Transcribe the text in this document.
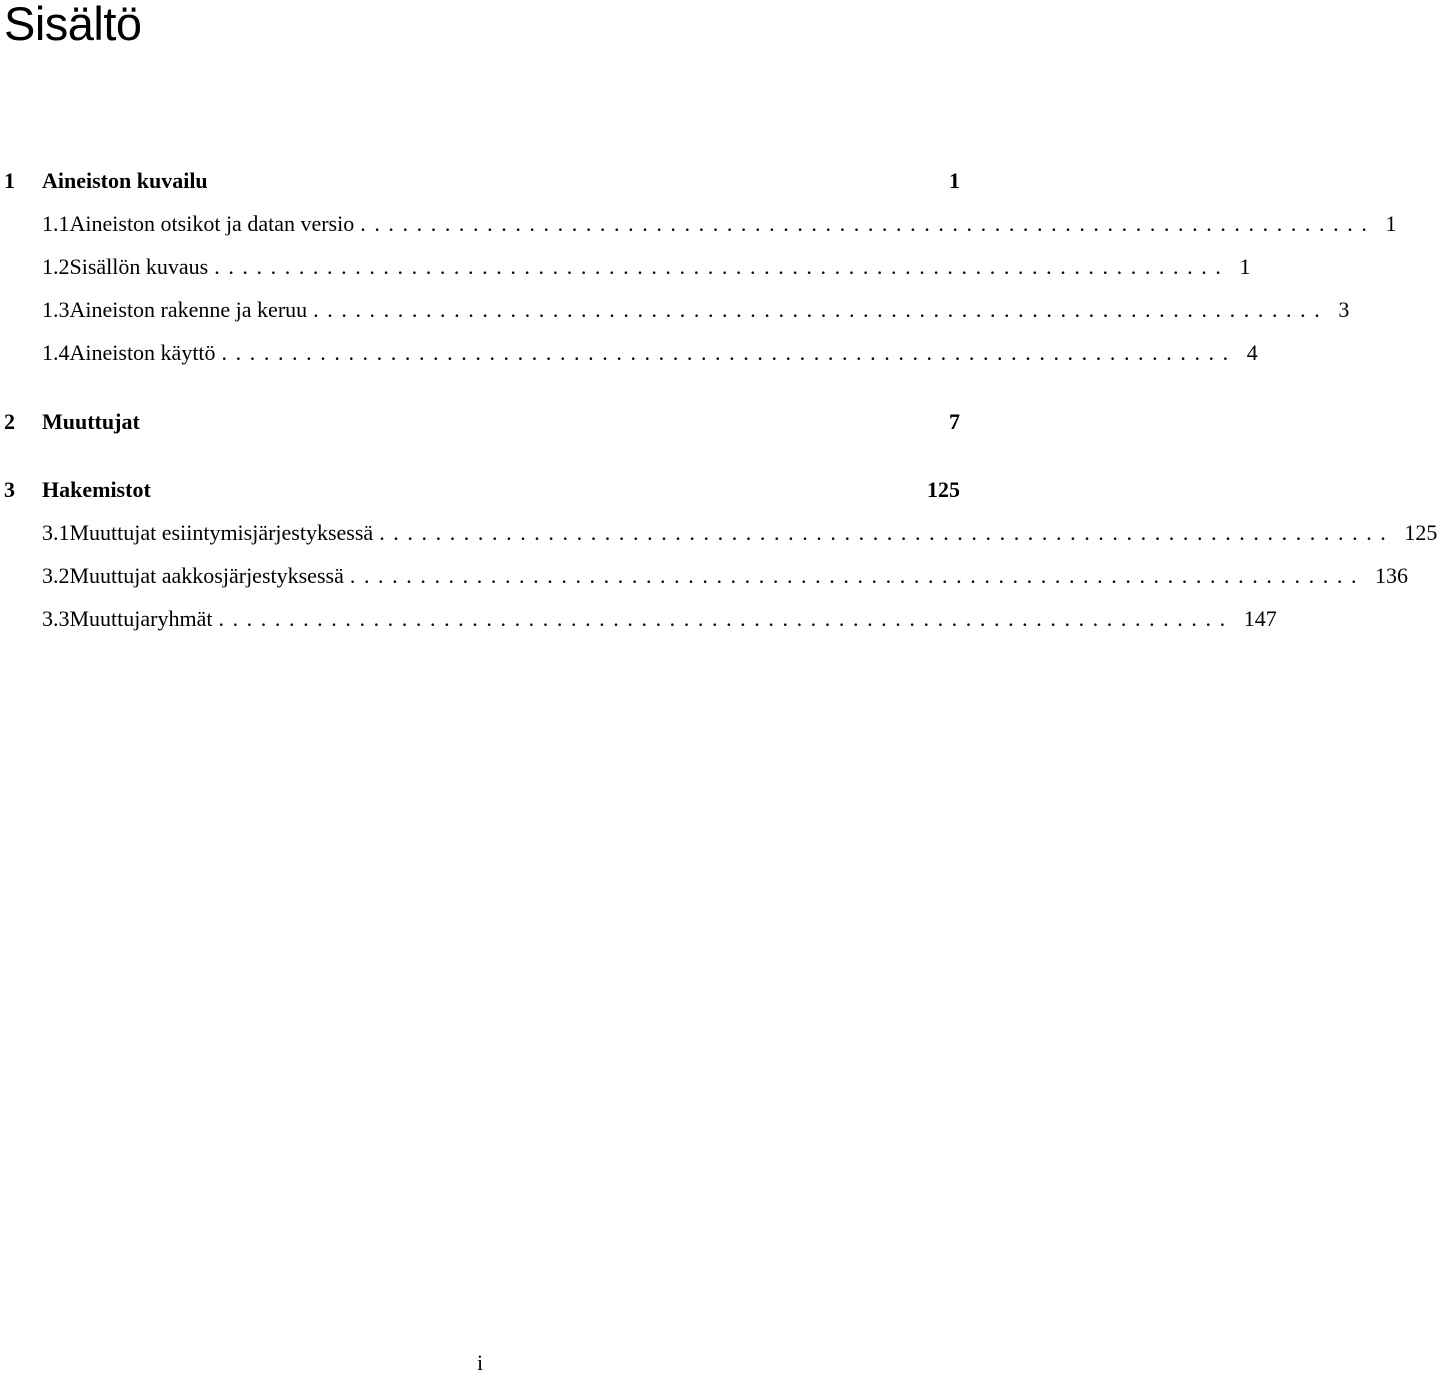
Sisältö
1	Aineiston kuvailu	1
1.1 Aineiston otsikot ja datan versio ........................................................................ 1
1.2 Sisällön kuvaus ........................................................................ 1
1.3 Aineiston rakenne ja keruu ........................................................................ 3
1.4 Aineiston käyttö ........................................................................ 4
2	Muuttujat	7
3	Hakemistot	125
3.1 Muuttujat esiintymisjärjestyksessä ........................................................................ 125
3.2 Muuttujat aakkosjärjestyksessä ........................................................................ 136
3.3 Muuttujaryhmät ........................................................................ 147
i
